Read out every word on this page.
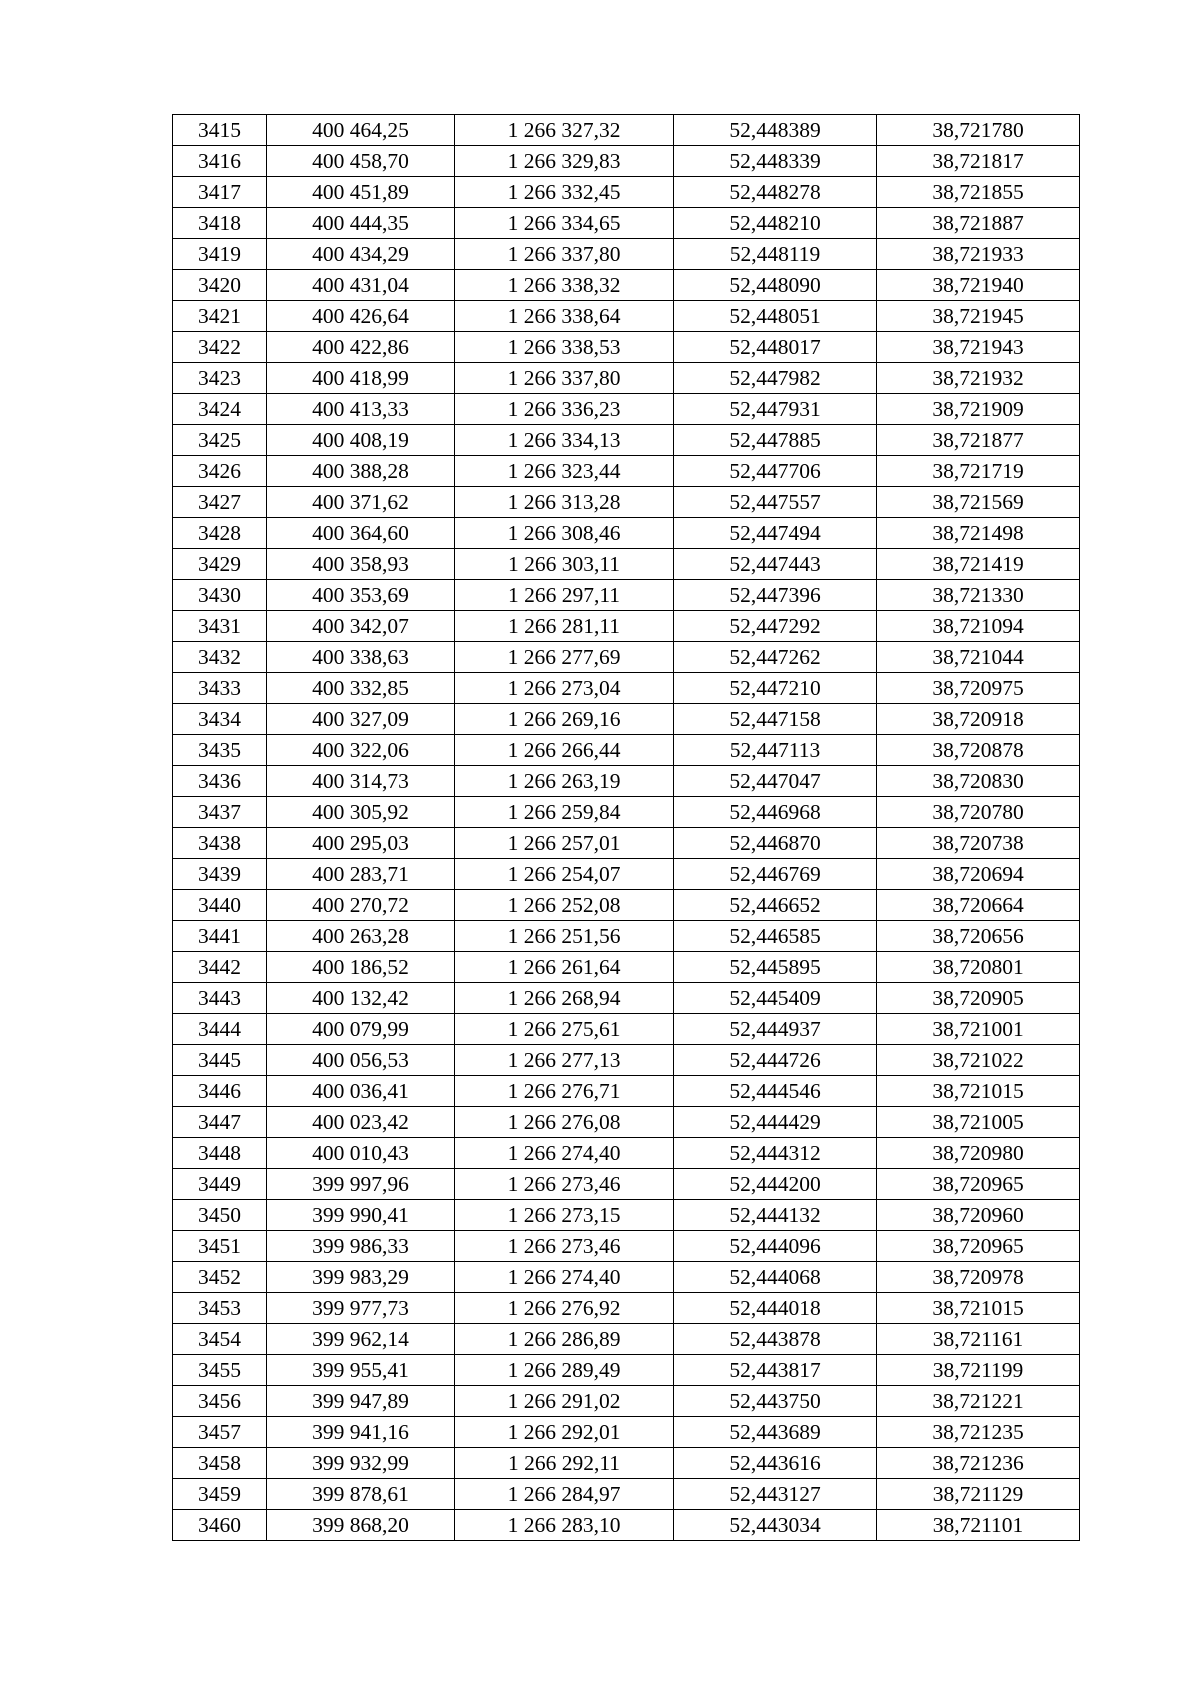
3415	400 464,25	1 266 327,32	52,448389	38,721780
3416	400 458,70	1 266 329,83	52,448339	38,721817
3417	400 451,89	1 266 332,45	52,448278	38,721855
3418	400 444,35	1 266 334,65	52,448210	38,721887
3419	400 434,29	1 266 337,80	52,448119	38,721933
3420	400 431,04	1 266 338,32	52,448090	38,721940
3421	400 426,64	1 266 338,64	52,448051	38,721945
3422	400 422,86	1 266 338,53	52,448017	38,721943
3423	400 418,99	1 266 337,80	52,447982	38,721932
3424	400 413,33	1 266 336,23	52,447931	38,721909
3425	400 408,19	1 266 334,13	52,447885	38,721877
3426	400 388,28	1 266 323,44	52,447706	38,721719
3427	400 371,62	1 266 313,28	52,447557	38,721569
3428	400 364,60	1 266 308,46	52,447494	38,721498
3429	400 358,93	1 266 303,11	52,447443	38,721419
3430	400 353,69	1 266 297,11	52,447396	38,721330
3431	400 342,07	1 266 281,11	52,447292	38,721094
3432	400 338,63	1 266 277,69	52,447262	38,721044
3433	400 332,85	1 266 273,04	52,447210	38,720975
3434	400 327,09	1 266 269,16	52,447158	38,720918
3435	400 322,06	1 266 266,44	52,447113	38,720878
3436	400 314,73	1 266 263,19	52,447047	38,720830
3437	400 305,92	1 266 259,84	52,446968	38,720780
3438	400 295,03	1 266 257,01	52,446870	38,720738
3439	400 283,71	1 266 254,07	52,446769	38,720694
3440	400 270,72	1 266 252,08	52,446652	38,720664
3441	400 263,28	1 266 251,56	52,446585	38,720656
3442	400 186,52	1 266 261,64	52,445895	38,720801
3443	400 132,42	1 266 268,94	52,445409	38,720905
3444	400 079,99	1 266 275,61	52,444937	38,721001
3445	400 056,53	1 266 277,13	52,444726	38,721022
3446	400 036,41	1 266 276,71	52,444546	38,721015
3447	400 023,42	1 266 276,08	52,444429	38,721005
3448	400 010,43	1 266 274,40	52,444312	38,720980
3449	399 997,96	1 266 273,46	52,444200	38,720965
3450	399 990,41	1 266 273,15	52,444132	38,720960
3451	399 986,33	1 266 273,46	52,444096	38,720965
3452	399 983,29	1 266 274,40	52,444068	38,720978
3453	399 977,73	1 266 276,92	52,444018	38,721015
3454	399 962,14	1 266 286,89	52,443878	38,721161
3455	399 955,41	1 266 289,49	52,443817	38,721199
3456	399 947,89	1 266 291,02	52,443750	38,721221
3457	399 941,16	1 266 292,01	52,443689	38,721235
3458	399 932,99	1 266 292,11	52,443616	38,721236
3459	399 878,61	1 266 284,97	52,443127	38,721129
3460	399 868,20	1 266 283,10	52,443034	38,721101
